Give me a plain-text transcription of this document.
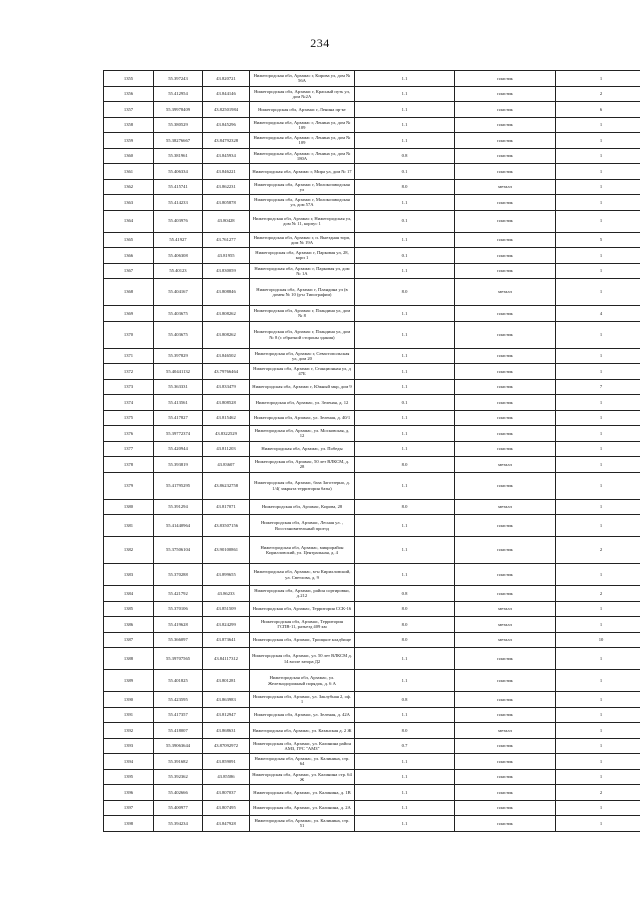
234
1355	55.397243	43.820721	Нижегородская обл, Арзамас г, Кирова ул, дом № 56А	1.1	пластик	1
1356	55.412954	43.844146	Нижегородская обл, Арзамас г, Красный путь ул, дом №2А	1.1	пластик	2
1357	55.39978409	43.82501984	Нижегородская обл, Арзамас г, Ленина пр-кт	1.1	пластик	6
1358	55.380529	43.845296	Нижегородская обл, Арзамас г, Ленина ул, дом № 109	1.1	пластик	1
1359	55.38276667	43.84792328	Нижегородская обл, Арзамас г, Ленина ул, дом № 109	1.1	пластик	1
1360	55.381961	43.845934	Нижегородская обл, Арзамас г, Ленина ул, дом № 180А	0.8	пластик	1
1361	55.406334	43.846221	Нижегородская обл, Арзамас г, Мира ул, дом № 17	0.1	пластик	1
1362	55.415741	43.862231	Нижегородская обл, Арзамас г, Молокозаводская ул	8.0	металл	1
1363	55.414233	43.805878	Нижегородская обл, Арзамас г, Молокозаводская ул, дом 57А	1.1	пластик	1
1364	55.403976	43.80428	Нижегородская обл, Арзамас г, Нижегородская ул, дом № 11, корпус 1	0.1	пластик	1
1365	55.41927	43.761277	Нижегородская обл, Арзамас г, п. Выездная торп, дом № 19А	1.1	пластик	5
1366	55.406308	43.81955	Нижегородская обл, Арзамас г, Парковая ул, 28, корп 1	0.1	пластик	1
1367	55.40123	43.830059	Нижегородская обл, Арзамас г, Парковая ул, дом № 1А	1.1	пластик	1
1368	55.404167	43.808846	Нижегородская обл, Арзамас г, Пландина ул (в домен № 10 (р-н Типографии)	8.0	металл	1
1369	55.403675	43.808262	Нижегородская обл, Арзамас г, Пландина ул, дом № 8	1.1	пластик	4
1370	55.403675	43.808262	Нижегородская обл, Арзамас г, Пландина ул, дом № 8 (с обратной стороны здания)	1.1	пластик	1
1371	55.397829	43.846502	Нижегородская обл, Арзамас г, Севастопольская ул, дом 20	1.1	пластик	1
1372	55.40441132	43.79766464	Нижегородская обл, Арзамас г, Станционная ул, д 47Б	1.1	пластик	1
1373	55.363331	43.833479	Нижегородская обл, Арзамас г, Южный мкр, дом 9	1.1	пластик	7
1374	55.413561	43.808528	Нижегородская обл, Арзамас, ул. Зеленая, д. 12	0.1	пластик	1
1375	55.417827	43.815462	Нижегородская обл, Арзамас, ул. Зеленая, д. 40/1	1.1	пластик	1
1376	55.39772374	43.8322529	Нижегородская обл, Арзамас, ул. Московская, д. 12	1.1	пластик	1
1377	55.420944	43.811203	Нижегородская обл, Арзамас, ул. Победы	1.1	пластик	1
1378	55.393819	43.83607	Нижегородская обл, Арзамас, 50 лет ВЛКСМ, д. 28	8.0	металл	1
1379	55.41795295	43.86232758	Нижегородская обл, Арзамас, база Заготзерно, д. 1/4( закрыта территория базы)	1.1	пластик	1
1380	55.391294	43.817071	Нижегородская обл, Арзамас, Кирова, 28	8.0	металл	1
1381	55.41440964	43.83507156	Нижегородская обл, Арзамас, Лесная ул. , Восстановительный проезд	1.1	пластик	1
1382	55.37506104	43.90100861	Нижегородская обл, Арзамас, микрорайон Кирилловский, ул. Центральная, д. 4	1.1	пластик	2
1383	55.370288	43.899655	Нижегородская обл, Арзамас, м-н Кирилловский, ул. Светлова, д. 9	1.1	пластик	1
1384	55.421792	43.86233	Нижегородская обл, Арзамас, район сортировки, д.212	0.8	пластик	2
1385	55.370106	43.851509	Нижегородская обл, Арзамас, Территория ССК-16	8.0	металл	1
1386	55.419628	43.824299	Нижегородская обл, Арзамас, Территория ГСПВ-11, разъезд 409 км	8.0	металл	1
1387	55.366097	43.873641	Нижегородская обл, Арзамас, Троицкое кладбище	8.0	металл	10
1388	55.39707565	43.84117312	Нижегородская обл, Арзамас, ул. 50 лет ВЛКСМ д. 14 возле затора Д2	1.1	пластик	1
1389	55.401825	43.801281	Нижегородская обл, Арзамас, ул. Железнодорожный порядок, д. 6 А	1.1	пластик	1
1390	55.423595	43.863983	Нижегородская обл, Арзамас, ул. Заклубная 2, оф. 1	0.8	пластик	1
1391	55.417357	43.812947	Нижегородская обл, Арзамас, ул. Зеленая, д. 42А	1.1	пластик	1
1392	55.418007	43.868631	Нижегородская обл, Арзамас, ул. Казанская д. 2 Ж	8.0	металл	1
1393	55.39063644	43.87092972	Нижегородская обл, Арзамас, ул. Калинина район АМЗ, ГРС "АМЗ"	0.7	пластик	1
1394	55.391682	43.859091	Нижегородская обл, Арзамас, ул. Калинина, стр. 64	1.1	пластик	1
1395	55.392362	43.85586	Нижегородская обл, Арзамас, ул. Калинина стр. 64 Ж	1.1	пластик	1
1396	55.402666	43.807037	Нижегородская обл, Арзамас, ул. Калинина, д. 1В	1.1	пластик	2
1397	55.400977	43.807495	Нижегородская обл, Арзамас, ул. Калинина, д. 2А	1.1	пластик	1
1398	55.394234	43.847928	Нижегородская обл, Арзамас, ул. Калинина, стр. 51	1.1	пластик	1
